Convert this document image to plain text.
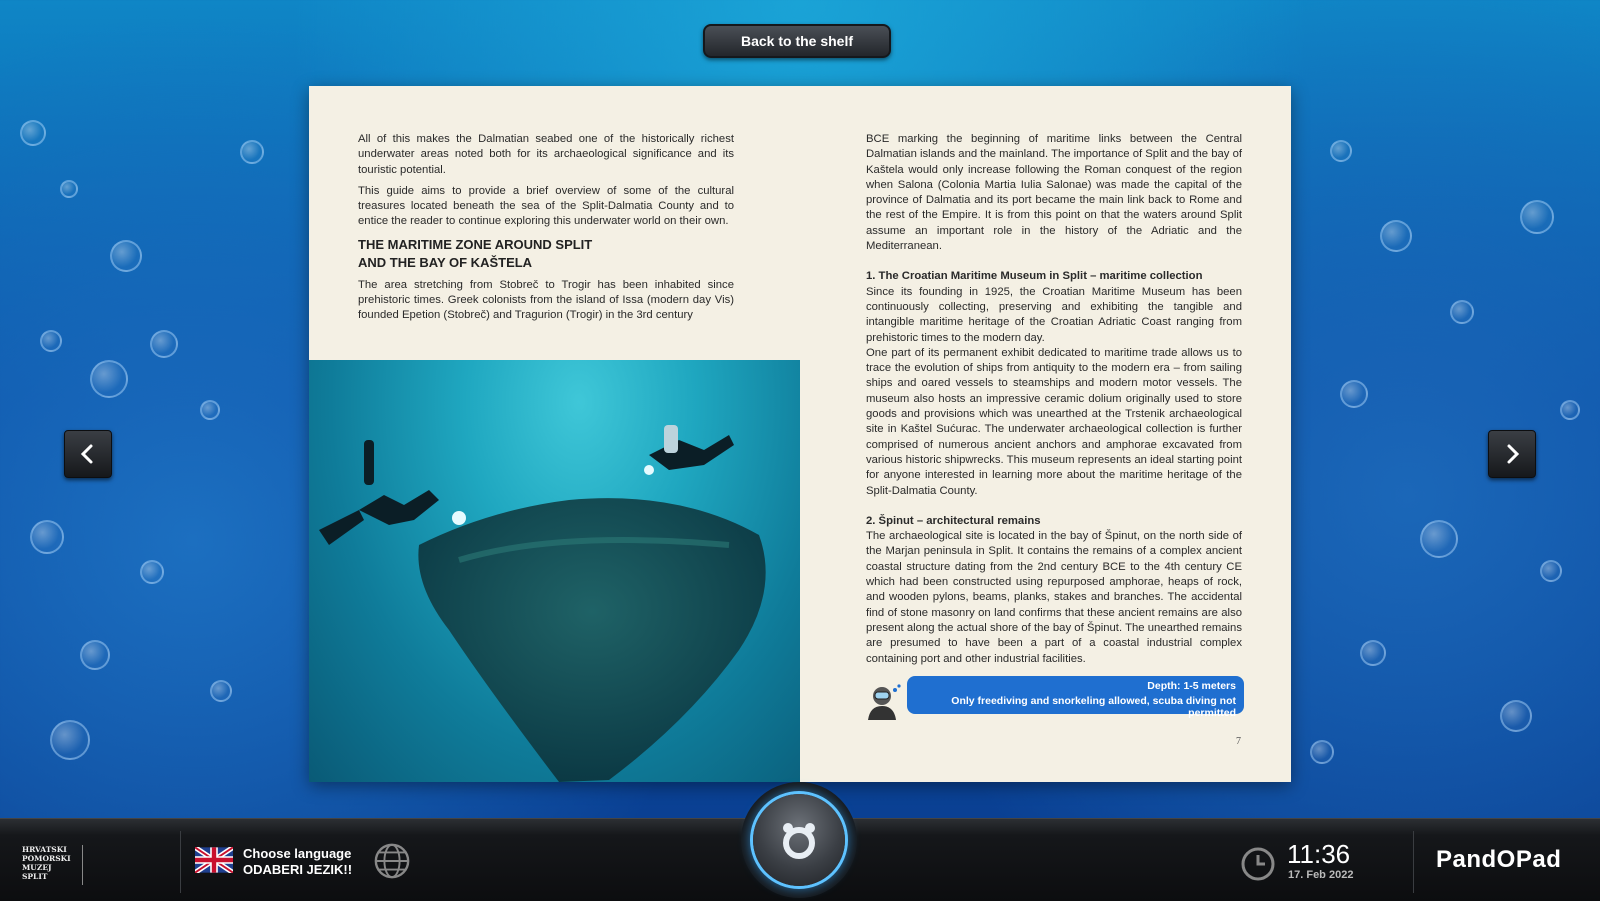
Back to the shelf

All of this makes the Dalmatian seabed one of the historically richest underwater areas noted both for its archaeological significance and its touristic potential.

This guide aims to provide a brief overview of some of the cultural treasures located beneath the sea of the Split-Dalmatia County and to entice the reader to continue exploring this underwater world on their own.

THE MARITIME ZONE AROUND SPLIT
AND THE BAY OF KAŠTELA

The area stretching from Stobreč to Trogir has been inhabited since prehistoric times. Greek colonists from the island of Issa (modern day Vis) founded Epetion (Stobreč) and Tragurion (Trogir) in the 3rd century

BCE marking the beginning of maritime links between the Central Dalmatian islands and the mainland. The importance of Split and the bay of Kaštela would only increase following the Roman conquest of the region when Salona (Colonia Martia Iulia Salonae) was made the capital of the province of Dalmatia and its port became the main link back to Rome and the rest of the Empire. It is from this point on that the waters around Split assume an important role in the history of the Adriatic and the Mediterranean.

1. The Croatian Maritime Museum in Split – maritime collection

Since its founding in 1925, the Croatian Maritime Museum has been continuously collecting, preserving and exhibiting the tangible and intangible maritime heritage of the Croatian Adriatic Coast ranging from prehistoric times to the modern day.

One part of its permanent exhibit dedicated to maritime trade allows us to trace the evolution of ships from antiquity to the modern era – from sailing ships and oared vessels to steamships and modern motor vessels. The museum also hosts an impressive ceramic dolium originally used to store goods and provisions which was unearthed at the Trstenik archaeological site in Kaštel Sućurac. The underwater archaeological collection is further comprised of numerous ancient anchors and amphorae excavated from various historic shipwrecks. This museum represents an ideal starting point for anyone interested in learning more about the maritime heritage of the Split-Dalmatia County.

2. Špinut – architectural remains

The archaeological site is located in the bay of Špinut, on the north side of the Marjan peninsula in Split. It contains the remains of a complex ancient coastal structure dating from the 2nd century BCE to the 4th century CE which had been constructed using repurposed amphorae, heaps of rock, and wooden pylons, beams, planks, stakes and branches. The accidental find of stone masonry on land confirms that these ancient remains are also present along the actual shore of the bay of Špinut. The unearthed remains are presumed to have been a part of a coastal industrial complex containing port and other industrial facilities.

Depth: 1-5 meters
Only freediving and snorkeling allowed, scuba diving not permitted
7
HRVATSKI
POMORSKI
MUZEJ
SPLIT
Choose language
ODABERI JEZIK!!
11:36
17. Feb 2022
PandOPad
